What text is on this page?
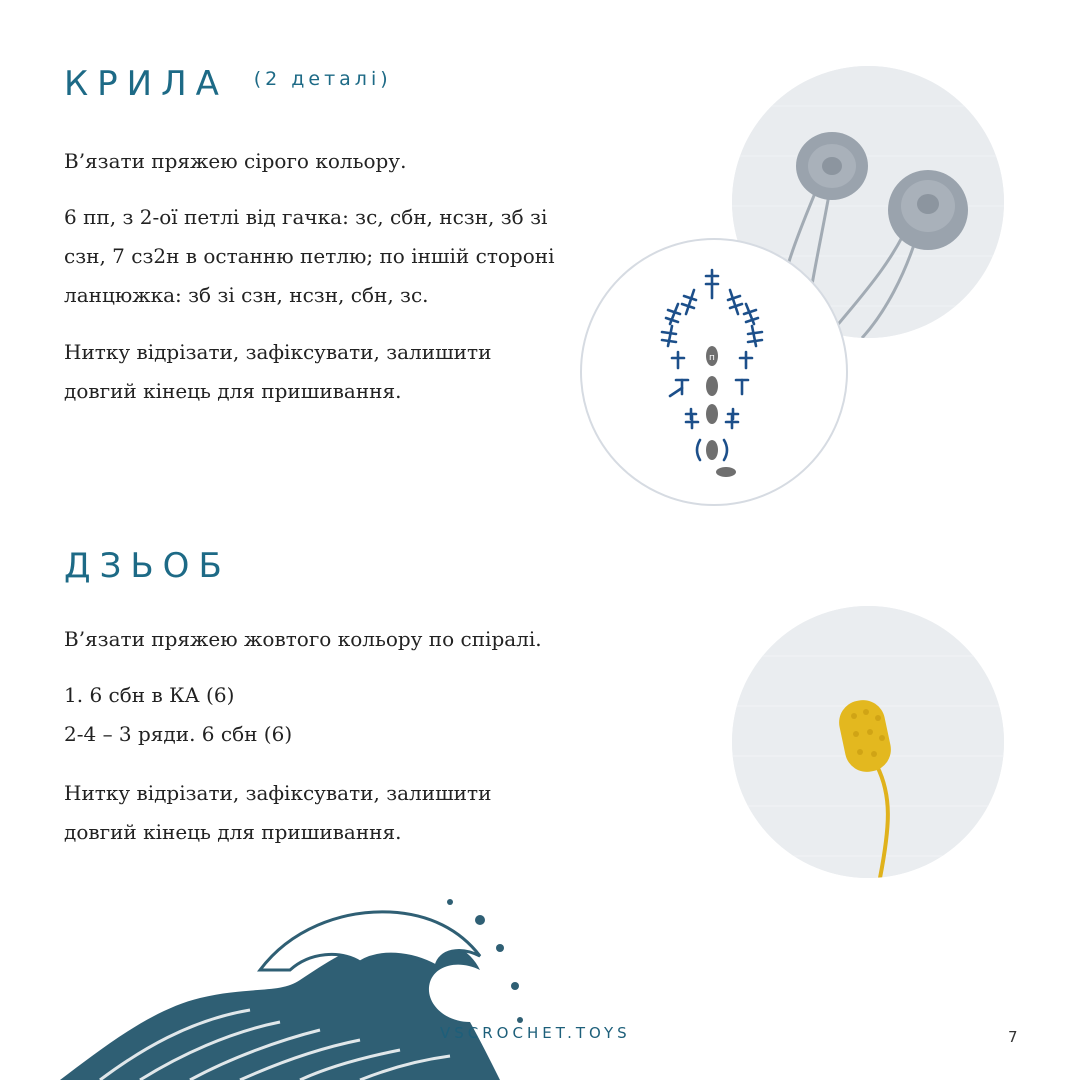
КРИЛА $^{(2 деталі)}$

В’язати пряжею сірого кольору.

6 пп, з 2-ої петлі від гачка: зс, сбн, нсзн, зб зі
сзн, 7 сз2н в останню петлю; по іншій стороні
ланцюжка: зб зі сзн, нсзн, сбн, зс.
Нитку відрізати, зафіксувати, залишити
довгий кінець для пришивання.
п
ДЗЬОБ

В’язати пряжею жовтого кольору по спіралі.

1. 6 сбн в КА (6)
2-4 – 3 ряди. 6 сбн (6)
Нитку відрізати, зафіксувати, залишити
довгий кінець для пришивання.
VSCROCHET.TOYS	7
